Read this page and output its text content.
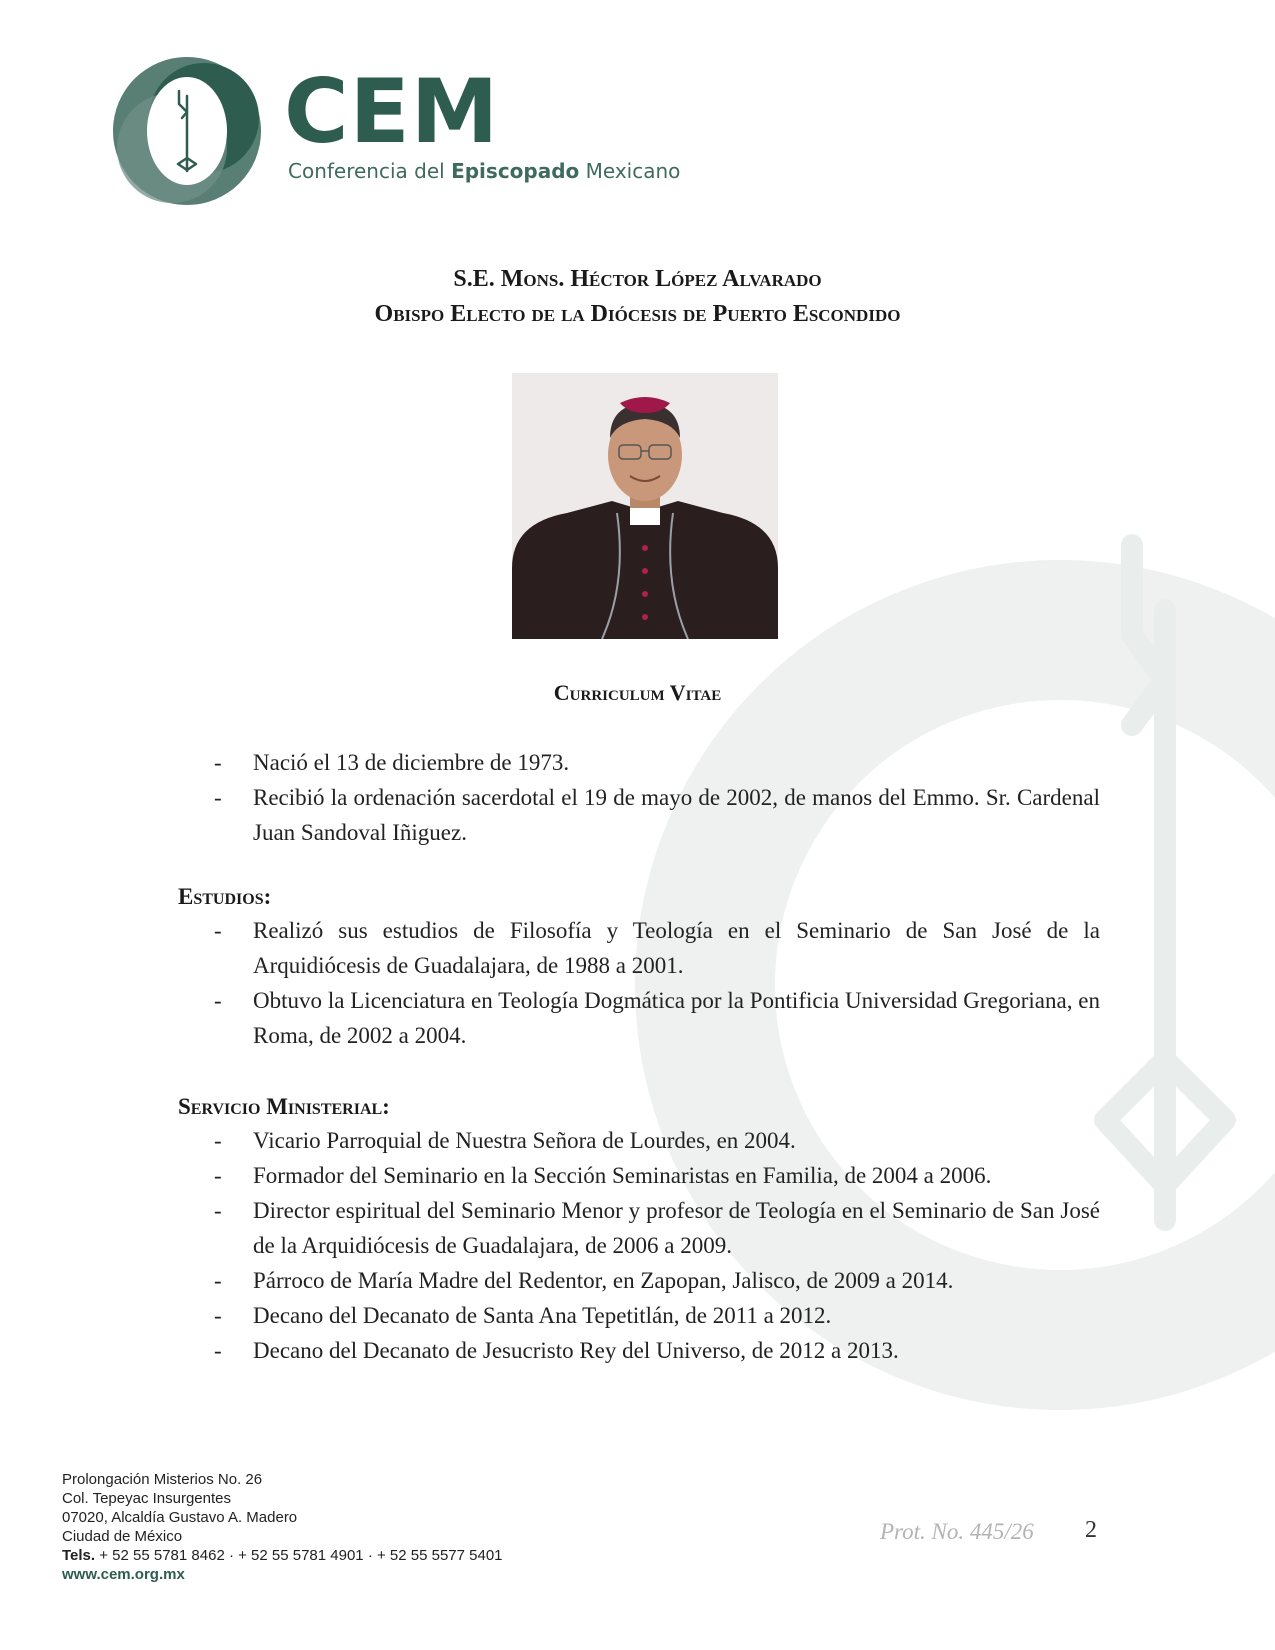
CEM
Conferencia del Episcopado Mexicano
S.E. Mons. Héctor López Alvarado
Obispo Electo de la Diócesis de Puerto Escondido
Curriculum Vitae
- Nació el 13 de diciembre de 1973.
- Recibió la ordenación sacerdotal el 19 de mayo de 2002, de manos del Emmo. Sr. Cardenal Juan Sandoval Iñiguez.
Estudios:
- Realizó sus estudios de Filosofía y Teología en el Seminario de San José de la Arquidiócesis de Guadalajara, de 1988 a 2001.
- Obtuvo la Licenciatura en Teología Dogmática por la Pontificia Universidad Gregoriana, en Roma, de 2002 a 2004.
Servicio Ministerial:
- Vicario Parroquial de Nuestra Señora de Lourdes, en 2004.
- Formador del Seminario en la Sección Seminaristas en Familia, de 2004 a 2006.
- Director espiritual del Seminario Menor y profesor de Teología en el Seminario de San José de la Arquidiócesis de Guadalajara, de 2006 a 2009.
- Párroco de María Madre del Redentor, en Zapopan, Jalisco, de 2009 a 2014.
- Decano del Decanato de Santa Ana Tepetitlán, de 2011 a 2012.
- Decano del Decanato de Jesucristo Rey del Universo, de 2012 a 2013.
Prolongación Misterios No. 26
Col. Tepeyac Insurgentes
07020, Alcaldía Gustavo A. Madero
Ciudad de México
Tels. + 52 55 5781 8462 · + 52 55 5781 4901 · + 52 55 5577 5401
www.cem.org.mx
Prot. No. 445/26 2
